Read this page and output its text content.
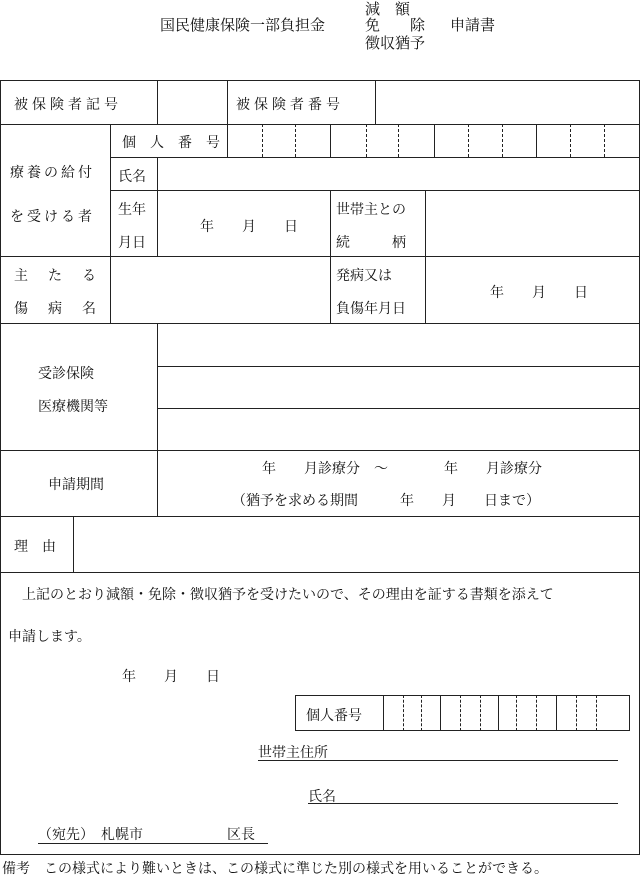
国民健康保険一部負担金
減　額
免　　除
徴収猶予
申請書
被保険者記号	被保険者番号
療養の給付
を受ける者
個　人　番　号
氏名
生年
月日
年　　月　　日
世帯主との
続　　　柄
主　た　る
傷　病　名
発病又は
負傷年月日
年　　月　　日
受診保険
医療機関等
申請期間
年　　月診療分　～　　　　年　　月診療分
（猶予を求める期間　　　年　　月　　日まで）
理　由
上記のとおり減額・免除・徴収猶予を受けたいので、その理由を証する書類を添えて
申請します。
年　　月　　日
個人番号
世帯主住所
氏名
（宛先）　札幌市　　　　　　区長
備考　この様式により難いときは、この様式に準じた別の様式を用いることができる。
